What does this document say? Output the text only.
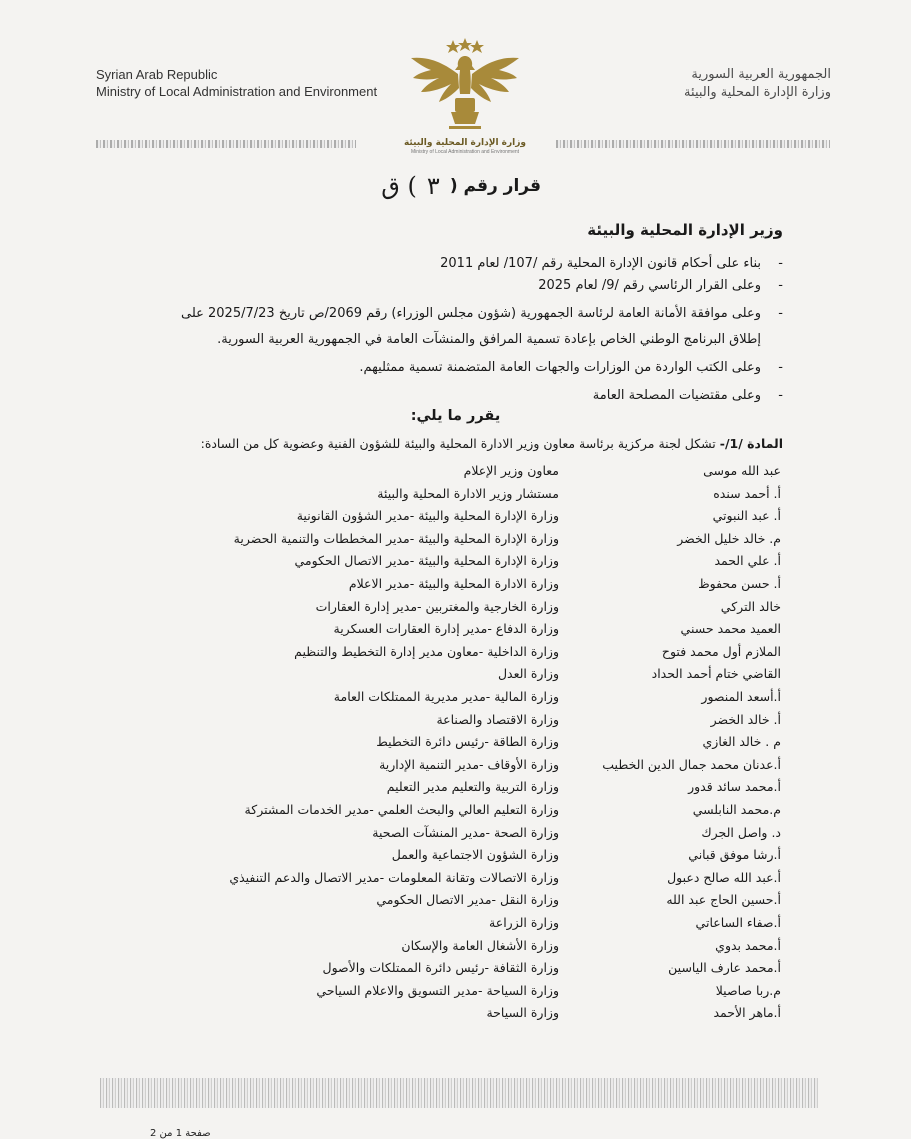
Syrian Arab Republic
Ministry of Local Administration and Environment
الجمهورية العربية السورية
وزارة الإدارة المحلية والبيئة
وزارة الإدارة المحلية والبيئة
Ministry of Local Administration and Environment
قرار رقم (
٣
) ق
وزير الإدارة المحلية والبيئة
-
بناء على أحكام قانون الإدارة المحلية رقم /107/ لعام 2011
-
وعلى القرار الرئاسي رقم /9/ لعام 2025
-
وعلى موافقة الأمانة العامة لرئاسة الجمهورية (شؤون مجلس الوزراء) رقم 2069/ص تاريخ 2025/7/23 على
إطلاق البرنامج الوطني الخاص بإعادة تسمية المرافق والمنشآت العامة في الجمهورية العربية السورية.
-
وعلى الكتب الواردة من الوزارات والجهات العامة المتضمنة تسمية ممثليهم.
-
وعلى مقتضيات المصلحة العامة
يقرر ما يلي:
المادة /1/- تشكل لجنة مركزية برئاسة معاون وزير الادارة المحلية والبيئة للشؤون الفنية وعضوية كل من السادة:
عبد الله موسى
معاون وزير الإعلام
أ. أحمد سنده
مستشار وزير الادارة المحلية والبيئة
أ. عبد النبوتي
وزارة الإدارة المحلية والبيئة -مدير الشؤون القانونية
م. خالد خليل الخضر
وزارة الإدارة المحلية والبيئة -مدير المخططات والتنمية الحضرية
أ. علي الحمد
وزارة الإدارة المحلية والبيئة -مدير الاتصال الحكومي
أ. حسن محفوظ
وزارة الادارة المحلية والبيئة -مدير الاعلام
خالد التركي
وزارة الخارجية والمغتربين -مدير إدارة العقارات
العميد محمد حسني
وزارة الدفاع -مدير إدارة العقارات العسكرية
الملازم أول محمد فتوح
وزارة الداخلية -معاون مدير إدارة التخطيط والتنظيم
القاضي ختام أحمد الحداد
وزارة العدل
أ.أسعد المنصور
وزارة المالية -مدير مديرية الممتلكات العامة
أ. خالد الخضر
وزارة الاقتصاد والصناعة
م . خالد الغازي
وزارة الطاقة -رئيس دائرة التخطيط
أ.عدنان محمد جمال الدين الخطيب
وزارة الأوقاف -مدير التنمية الإدارية
أ.محمد سائد قدور
وزارة التربية والتعليم مدير التعليم
م.محمد النابلسي
وزارة التعليم العالي والبحث العلمي -مدير الخدمات المشتركة
د. واصل الجرك
وزارة الصحة -مدير المنشآت الصحية
أ.رشا موفق قباني
وزارة الشؤون الاجتماعية والعمل
أ.عبد الله صالح دعبول
وزارة الاتصالات وتقانة المعلومات -مدير الاتصال والدعم التنفيذي
أ.حسين الحاج عبد الله
وزارة النقل -مدير الاتصال الحكومي
أ.صفاء الساعاتي
وزارة الزراعة
أ.محمد بدوي
وزارة الأشغال العامة والإسكان
أ.محمد عارف الياسين
وزارة الثقافة -رئيس دائرة الممتلكات والأصول
م.ربا صاصيلا
وزارة السياحة -مدير التسويق والاعلام السياحي
أ.ماهر الأحمد
وزارة السياحة
صفحة 1 من 2
